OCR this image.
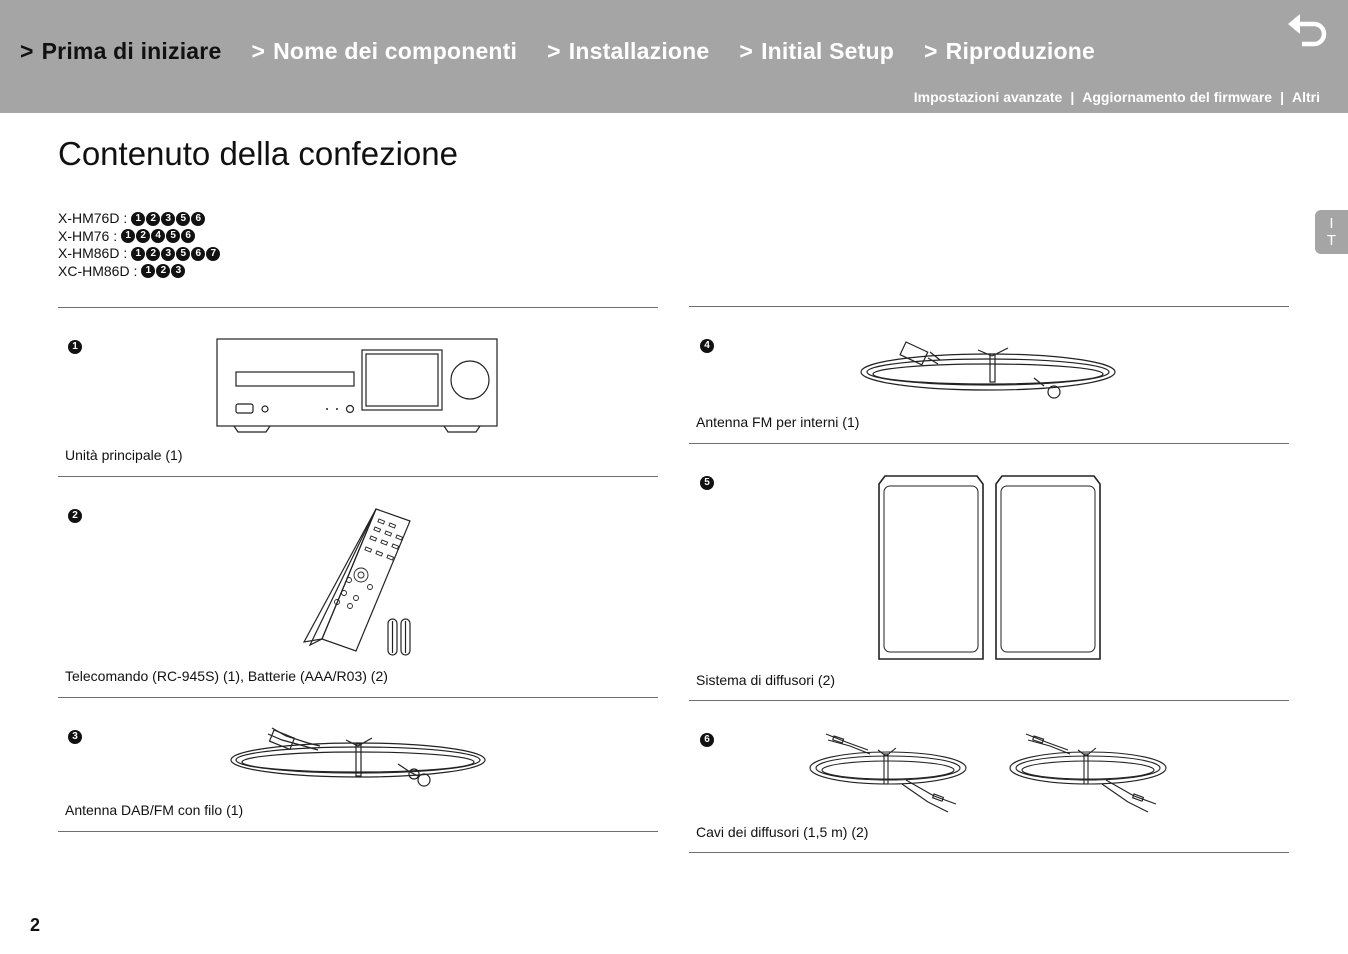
> Prima di iniziare > Nome dei componenti > Installazione > Initial Setup > Riproduzione
Impostazioni avanzate | Aggiornamento del firmware | Altri
Contenuto della confezione
X-HM76D : 1 2 3 5 6
X-HM76 : 1 2 4 5 6
X-HM86D : 1 2 3 5 6 7
XC-HM86D : 1 2 3
I
T
1
Unità principale (1)
2
Telecomando (RC-945S) (1), Batterie (AAA/R03) (2)
3
Antenna DAB/FM con filo (1)
4
Antenna FM per interni (1)
5
Sistema di diffusori (2)
6
Cavi dei diffusori (1,5 m) (2)
2
